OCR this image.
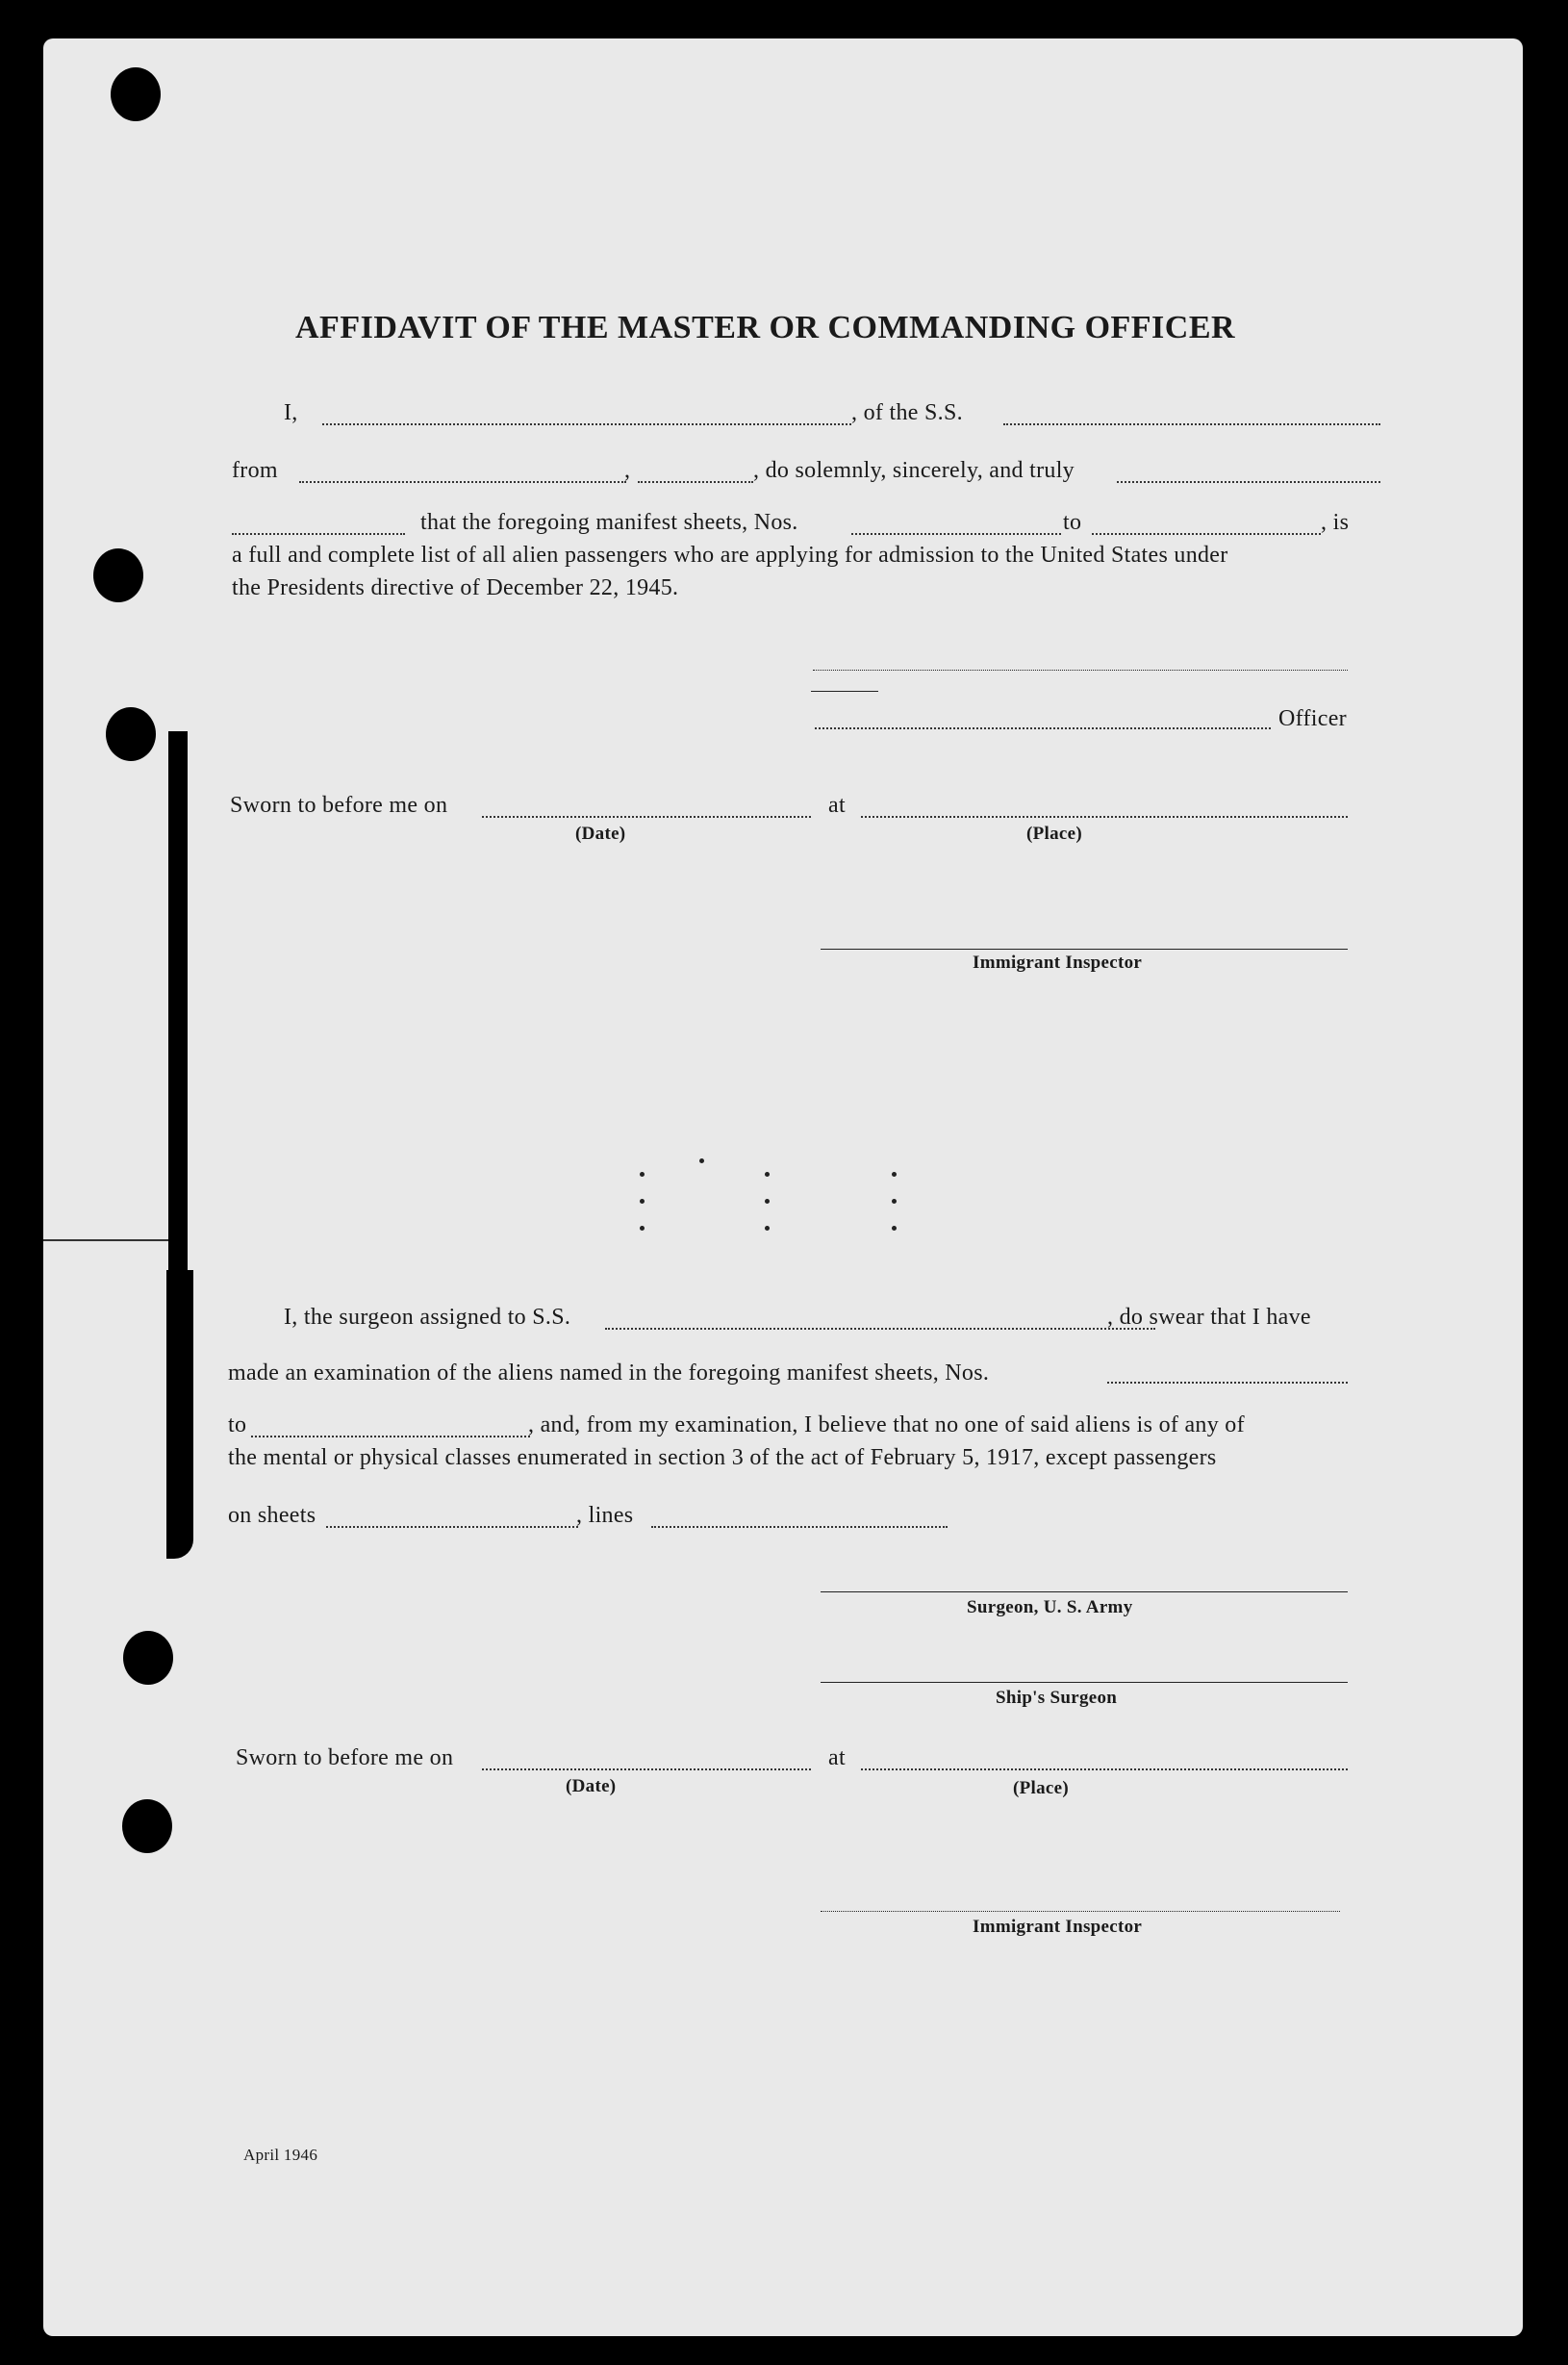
AFFIDAVIT OF THE MASTER OR COMMANDING OFFICER
I,	, of the S.S.
from	,	, do solemnly, sincerely, and truly
that the foregoing manifest sheets, Nos.	to	, is
a full and complete list of all alien passengers who are applying for admission to the United States under
the Presidents directive of December 22, 1945.
Officer
Sworn to before me on	at
(Date)	(Place)
Immigrant Inspector
I, the surgeon assigned to S.S.	, do swear that I have
made an examination of the aliens named in the foregoing manifest sheets, Nos.
to	, and, from my examination, I believe that no one of said aliens is of any of
the mental or physical classes enumerated in section 3 of the act of February 5, 1917, except passengers
on sheets	, lines
Surgeon, U. S. Army
Ship's Surgeon
Sworn to before me on	at
(Date)	(Place)
Immigrant Inspector
April 1946
